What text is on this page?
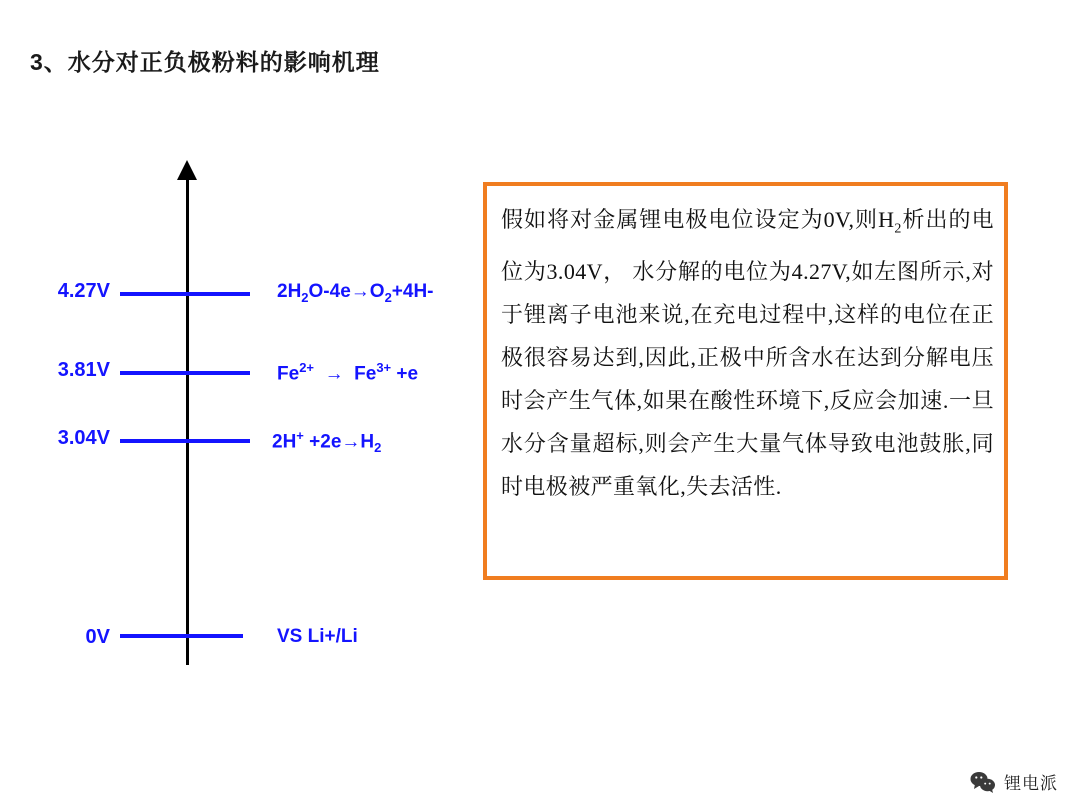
3、水分对正负极粉料的影响机理
4.27V	$2H_2O-4e\to O_2+4H-$
3.81V	$Fe^{2+} \to Fe^{3+} +e$
3.04V	$2H^+ +2e\to H_2$
0V	VS Li+/Li
假如将对金属锂电极电位设定为0V,则$H_2$析出的电位为3.04V， 水分解的电位为4.27V,如左图所示,对于锂离子电池来说,在充电过程中,这样的电位在正极很容易达到,因此,正极中所含水在达到分解电压时会产生气体,如果在酸性环境下,反应会加速.一旦水分含量超标,则会产生大量气体导致电池鼓胀,同时电极被严重氧化,失去活性.
锂电派
